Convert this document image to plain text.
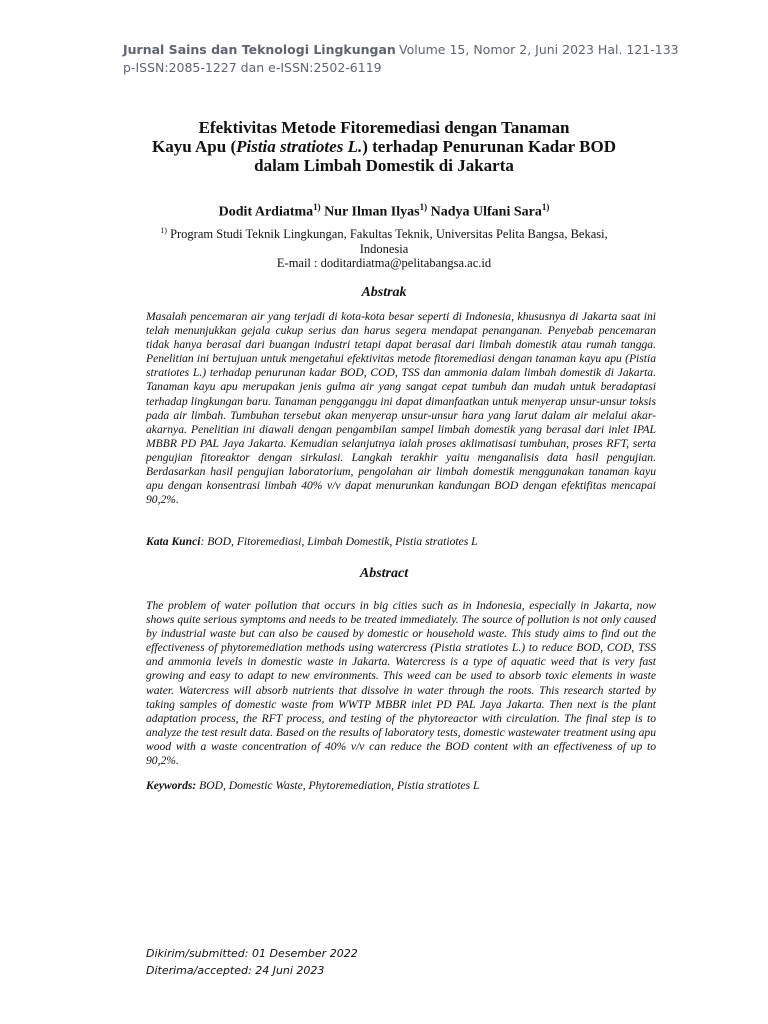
Jurnal Sains dan Teknologi Lingkungan Volume 15, Nomor 2, Juni 2023 Hal. 121-133
p-ISSN:2085-1227 dan e-ISSN:2502-6119
Efektivitas Metode Fitoremediasi dengan Tanaman
Kayu Apu (Pistia stratiotes L.) terhadap Penurunan Kadar BOD
dalam Limbah Domestik di Jakarta
Dodit Ardiatma$^{1)}$ Nur Ilman Ilyas$^{1)}$ Nadya Ulfani Sara$^{1)}$
$^{1)}$ Program Studi Teknik Lingkungan, Fakultas Teknik, Universitas Pelita Bangsa, Bekasi,
Indonesia
E-mail : doditardiatma@pelitabangsa.ac.id
Abstrak
Masalah pencemaran air yang terjadi di kota-kota besar seperti di Indonesia, khususnya di Jakarta saat ini telah menunjukkan gejala cukup serius dan harus segera mendapat penanganan. Penyebab pencemaran tidak hanya berasal dari buangan industri tetapi dapat berasal dari limbah domestik atau rumah tangga. Penelitian ini bertujuan untuk mengetahui efektivitas metode fitoremediasi dengan tanaman kayu apu (Pistia stratiotes L.) terhadap penurunan kadar BOD, COD, TSS dan ammonia dalam limbah domestik di Jakarta. Tanaman kayu apu merupakan jenis gulma air yang sangat cepat tumbuh dan mudah untuk beradaptasi terhadap lingkungan baru. Tanaman pengganggu ini dapat dimanfaatkan untuk menyerap unsur-unsur toksis pada air limbah. Tumbuhan tersebut akan menyerap unsur-unsur hara yang larut dalam air melalui akar-akarnya. Penelitian ini diawali dengan pengambilan sampel limbah domestik yang berasal dari inlet IPAL MBBR PD PAL Jaya Jakarta. Kemudian selanjutnya ialah proses aklimatisasi tumbuhan, proses RFT, serta pengujian fitoreaktor dengan sirkulasi. Langkah terakhir yaitu menganalisis data hasil pengujian. Berdasarkan hasil pengujian laboratorium, pengolahan air limbah domestik menggunakan tanaman kayu apu dengan konsentrasi limbah 40% v/v dapat menurunkan kandungan BOD dengan efektifitas mencapai 90,2%.
Kata Kunci: BOD, Fitoremediasi, Limbah Domestik, Pistia stratiotes L
Abstract
The problem of water pollution that occurs in big cities such as in Indonesia, especially in Jakarta, now shows quite serious symptoms and needs to be treated immediately. The source of pollution is not only caused by industrial waste but can also be caused by domestic or household waste. This study aims to find out the effectiveness of phytoremediation methods using watercress (Pistia stratiotes L.) to reduce BOD, COD, TSS and ammonia levels in domestic waste in Jakarta. Watercress is a type of aquatic weed that is very fast growing and easy to adapt to new environments. This weed can be used to absorb toxic elements in waste water. Watercress will absorb nutrients that dissolve in water through the roots. This research started by taking samples of domestic waste from WWTP MBBR inlet PD PAL Jaya Jakarta. Then next is the plant adaptation process, the RFT process, and testing of the phytoreactor with circulation. The final step is to analyze the test result data. Based on the results of laboratory tests, domestic wastewater treatment using apu wood with a waste concentration of 40% v/v can reduce the BOD content with an effectiveness of up to 90,2%.
Keywords: BOD, Domestic Waste, Phytoremediation, Pistia stratiotes L
Dikirim/submitted: 01 Desember 2022
Diterima/accepted: 24 Juni 2023
